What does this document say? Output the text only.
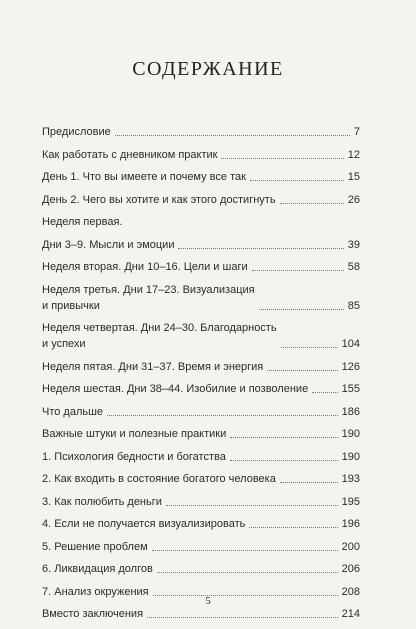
СОДЕРЖАНИЕ
Предисловие	7
Как работать с дневником практик	12
День 1. Что вы имеете и почему все так	15
День 2. Чего вы хотите и как этого достигнуть	26
Неделя первая.
Дни 3–9. Мысли и эмоции	39
Неделя вторая. Дни 10–16. Цели и шаги	58
Неделя третья. Дни 17–23. Визуализация
и привычки	85
Неделя четвертая. Дни 24–30. Благодарность
и успехи	104
Неделя пятая. Дни 31–37. Время и энергия	126
Неделя шестая. Дни 38–44. Изобилие и позволение	155
Что дальше	186
Важные штуки и полезные практики	190
1. Психология бедности и богатства	190
2. Как входить в состояние богатого человека	193
3. Как полюбить деньги	195
4. Если не получается визуализировать	196
5. Решение проблем	200
6. Ликвидация долгов	206
7. Анализ окружения	208
Вместо заключения	214
5
